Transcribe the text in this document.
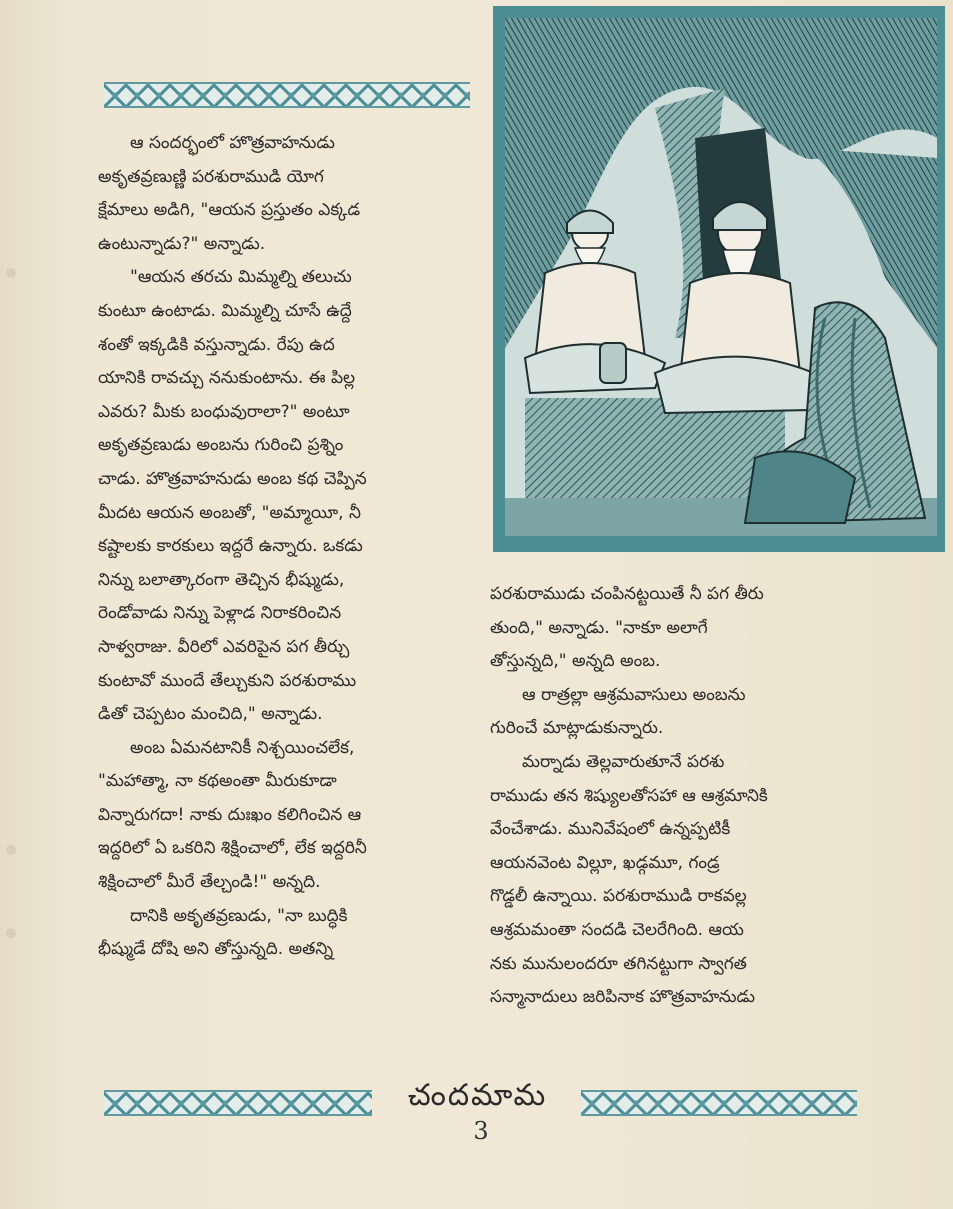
ఆ సందర్భంలో హొత్రవాహనుడు
అకృతవ్రణుణ్ణి పరశురాముడి యోగ
క్షేమాలు అడిగి, "ఆయన ప్రస్తుతం ఎక్కడ
ఉంటున్నాడు?" అన్నాడు.

"ఆయన తరచు మిమ్మల్ని తలుచు
కుంటూ ఉంటాడు. మిమ్మల్ని చూసే ఉద్దే
శంతో ఇక్కడికి వస్తున్నాడు. రేపు ఉద
యానికి రావచ్చు ననుకుంటాను. ఈ పిల్ల
ఎవరు? మీకు బంధువురాలా?" అంటూ
అకృతవ్రణుడు అంబను గురించి ప్రశ్నిం
చాడు. హొత్రవాహనుడు అంబ కథ చెప్పిన
మీదట ఆయన అంబతో, "అమ్మాయీ, నీ
కష్టాలకు కారకులు ఇద్దరే ఉన్నారు. ఒకడు
నిన్ను బలాత్కారంగా తెచ్చిన భీష్ముడు,
రెండోవాడు నిన్ను పెళ్లాడ నిరాకరించిన
సాళ్వరాజు. వీరిలో ఎవరిపైన పగ తీర్చు
కుంటావో ముందే తేల్చుకుని పరశురాము
డితో చెప్పటం మంచిది," అన్నాడు.

అంబ ఏమనటానికీ నిశ్చయించలేక,
"మహాత్మా, నా కథఅంతా మీరుకూడా
విన్నారుగదా! నాకు దుఃఖం కలిగించిన ఆ
ఇద్దరిలో ఏ ఒకరిని శిక్షించాలో, లేక ఇద్దరినీ
శిక్షించాలో మీరే తేల్చండి!" అన్నది.

దానికి అకృతవ్రణుడు, "నా బుద్ధికి
భీష్ముడే దోషి అని తోస్తున్నది. అతన్ని

పరశురాముడు చంపినట్టయితే నీ పగ తీరు
తుంది," అన్నాడు. "నాకూ అలాగే
తోస్తున్నది," అన్నది అంబ.

ఆ రాత్రల్లా ఆశ్రమవాసులు అంబను
గురించే మాట్లాడుకున్నారు.

మర్నాడు తెల్లవారుతూనే పరశు
రాముడు తన శిష్యులతోసహా ఆ ఆశ్రమానికి
వేంచేశాడు. మునివేషంలో ఉన్నప్పటికీ
ఆయనవెంట విల్లూ, ఖడ్గమూ, గండ్ర
గొడ్డలీ ఉన్నాయి. పరశురాముడి రాకవల్ల
ఆశ్రమమంతా సందడి చెలరేగింది. ఆయ
నకు మునులందరూ తగినట్టుగా స్వాగత
సన్మానాదులు జరిపినాక హొత్రవాహనుడు

చందమామ
3
